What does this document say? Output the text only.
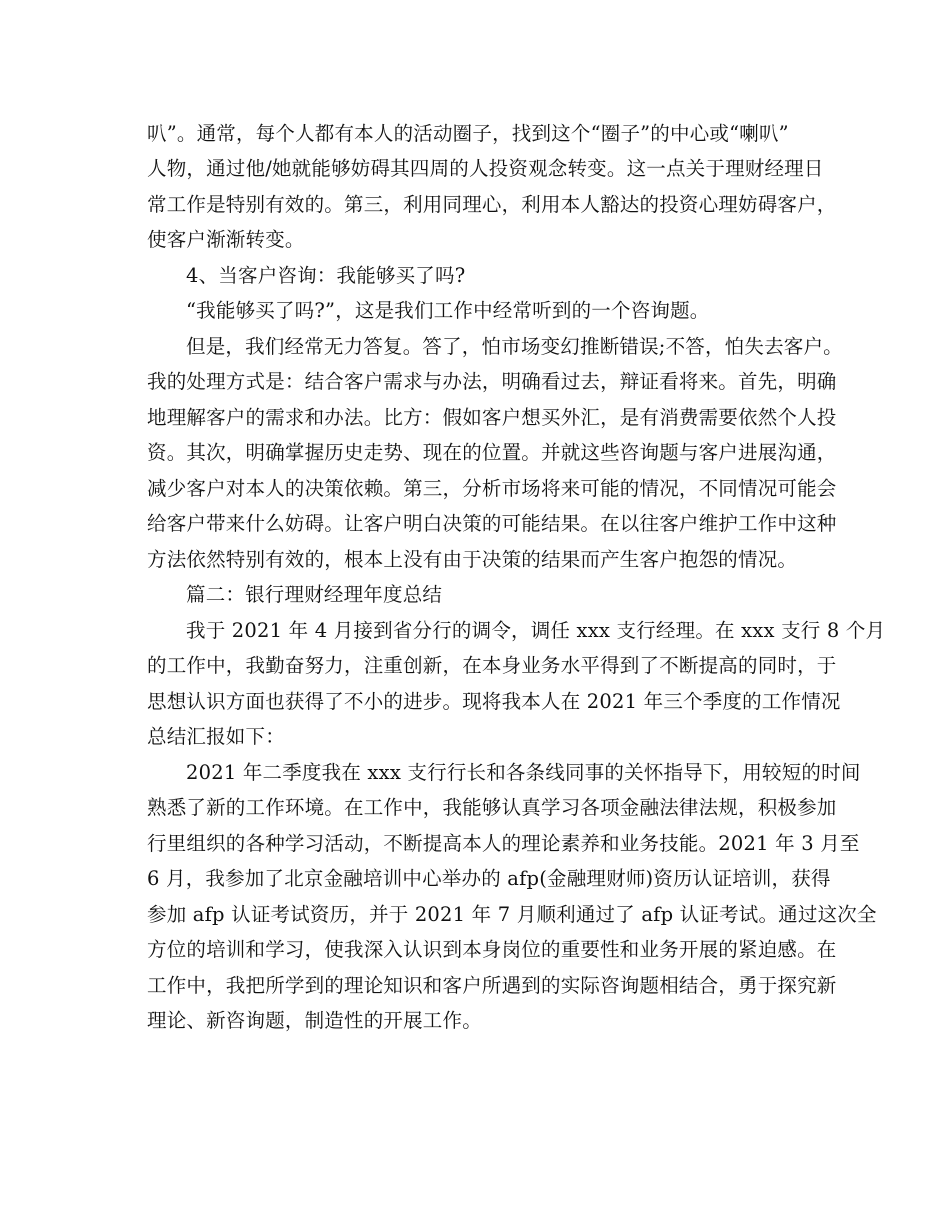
叭”。通常，每个人都有本人的活动圈子，找到这个“圈子”的中心或“喇叭”
人物，通过他/她就能够妨碍其四周的人投资观念转变。这一点关于理财经理日
常工作是特别有效的。第三，利用同理心，利用本人豁达的投资心理妨碍客户，
使客户渐渐转变。
4、当客户咨询：我能够买了吗?
“我能够买了吗?”，这是我们工作中经常听到的一个咨询题。
但是，我们经常无力答复。答了，怕市场变幻推断错误;不答，怕失去客户。
我的处理方式是：结合客户需求与办法，明确看过去，辩证看将来。首先，明确
地理解客户的需求和办法。比方：假如客户想买外汇，是有消费需要依然个人投
资。其次，明确掌握历史走势、现在的位置。并就这些咨询题与客户进展沟通，
减少客户对本人的决策依赖。第三，分析市场将来可能的情况，不同情况可能会
给客户带来什么妨碍。让客户明白决策的可能结果。在以往客户维护工作中这种
方法依然特别有效的，根本上没有由于决策的结果而产生客户抱怨的情况。
篇二：银行理财经理年度总结
我于 2021 年 4 月接到省分行的调令，调任 xxx 支行经理。在 xxx 支行 8 个月
的工作中，我勤奋努力，注重创新，在本身业务水平得到了不断提高的同时，于
思想认识方面也获得了不小的进步。现将我本人在 2021 年三个季度的工作情况
总结汇报如下：
2021 年二季度我在 xxx 支行行长和各条线同事的关怀指导下，用较短的时间
熟悉了新的工作环境。在工作中，我能够认真学习各项金融法律法规，积极参加
行里组织的各种学习活动，不断提高本人的理论素养和业务技能。2021 年 3 月至
6 月，我参加了北京金融培训中心举办的 afp(金融理财师)资历认证培训，获得
参加 afp 认证考试资历，并于 2021 年 7 月顺利通过了 afp 认证考试。通过这次全
方位的培训和学习，使我深入认识到本身岗位的重要性和业务开展的紧迫感。在
工作中，我把所学到的理论知识和客户所遇到的实际咨询题相结合，勇于探究新
理论、新咨询题，制造性的开展工作。
